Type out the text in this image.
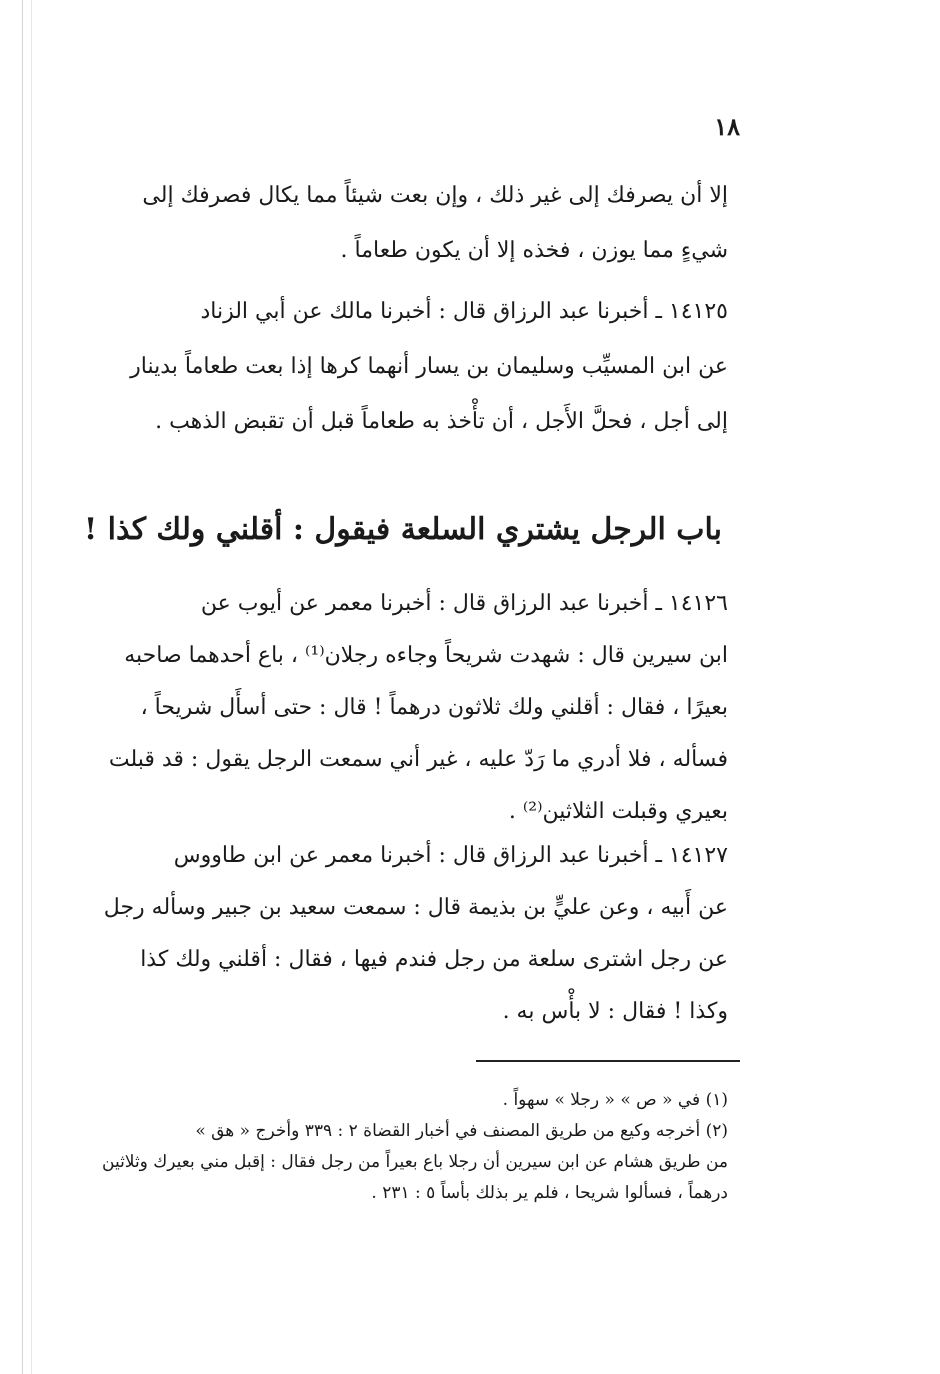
١٨
إلا أن يصرفك إلى غير ذلك ، وإن بعت شيئاً مما يكال فصرفك إلى
شيءٍ مما يوزن ، فخذه إلا أن يكون طعاماً .
١٤١٢٥ ـ أخبرنا عبد الرزاق قال : أخبرنا مالك عن أبي الزناد
عن ابن المسيِّب وسليمان بن يسار أنهما كرها إذا بعت طعاماً بدينار
إلى أجل ، فحلَّ الأَجل ، أن تأْخذ به طعاماً قبل أن تقبض الذهب .
باب الرجل يشتري السلعة فيقول : أقلني ولك كذا !
١٤١٢٦ ـ أخبرنا عبد الرزاق قال : أخبرنا معمر عن أيوب عن
ابن سيرين قال : شهدت شريحاً وجاءه رجلان⁽¹⁾ ، باع أحدهما صاحبه
بعيرًا ، فقال : أقلني ولك ثلاثون درهماً ! قال : حتى أسأَل شريحاً ،
فسأله ، فلا أدري ما رَدّ عليه ، غير أني سمعت الرجل يقول : قد قبلت
بعيري وقبلت الثلاثين⁽²⁾ .
١٤١٢٧ ـ أخبرنا عبد الرزاق قال : أخبرنا معمر عن ابن طاووس
عن أَبيه ، وعن عليٍّ بن بذيمة قال : سمعت سعيد بن جبير وسأله رجل
عن رجل اشترى سلعة من رجل فندم فيها ، فقال : أقلني ولك كذا
وكذا ! فقال : لا بأْس به .
(١) في « ص » « رجلا » سهواً .
(٢) أخرجه وكيع من طريق المصنف في أخبار القضاة ٢ : ٣٣٩ وأخرج « هق »
من طريق هشام عن ابن سيرين أن رجلا باع بعيراً من رجل فقال : إقبل مني بعيرك وثلاثين
درهماً ، فسألوا شريحا ، فلم ير بذلك بأساً ٥ : ٢٣١ .
